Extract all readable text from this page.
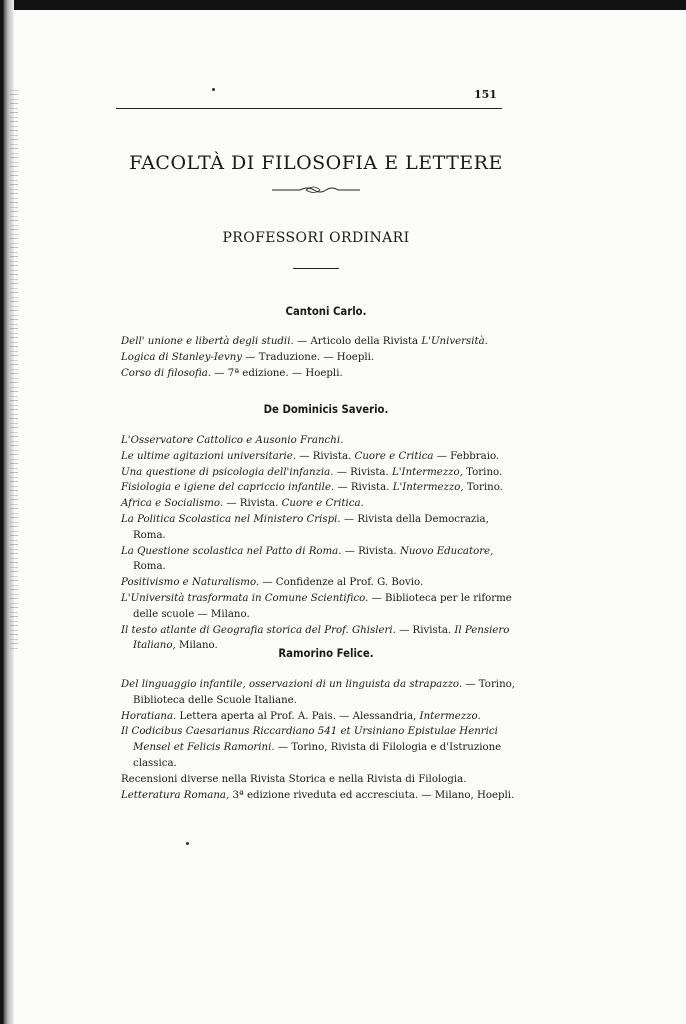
151
FACOLTÀ DI FILOSOFIA E LETTERE
PROFESSORI ORDINARI
Cantoni Carlo.
Dell' unione e libertà degli studii. — Articolo della Rivista L'Università.
Logica di Stanley-Ievny — Traduzione. — Hoepli.
Corso di filosofia. — 7ª edizione. — Hoepli.
De Dominicis Saverio.
L'Osservatore Cattolico e Ausonio Franchi.
Le ultime agitazioni universitarie. — Rivista. Cuore e Critica — Febbraio.
Una questione di psicologia dell'infanzia. — Rivista. L'Intermezzo, Torino.
Fisiologia e igiene del capriccio infantile. — Rivista. L'Intermezzo, Torino.
Africa e Socialismo. — Rivista. Cuore e Critica.
La Politica Scolastica nel Ministero Crispi. — Rivista della Democrazia, Roma.
La Questione scolastica nel Patto di Roma. — Rivista. Nuovo Educatore, Roma.
Positivismo e Naturalismo. — Confidenze al Prof. G. Bovio.
L'Università trasformata in Comune Scientifico. — Biblioteca per le riforme delle scuole — Milano.
Il testo atlante di Geografia storica del Prof. Ghisleri. — Rivista. Il Pensiero Italiano, Milano.
Ramorino Felice.
Del linguaggio infantile, osservazioni di un linguista da strapazzo. — Torino, Biblioteca delle Scuole Italiane.
Horatiana. Lettera aperta al Prof. A. Pais. — Alessandria, Intermezzo.
Il Codicibus Caesarianus Riccardiano 541 et Ursiniano Epistulae Henrici Mensel et Felicis Ramorini. — Torino, Rivista di Filologia e d'Istruzione classica.
Recensioni diverse nella Rivista Storica e nella Rivista di Filologia.
Letteratura Romana, 3ª edizione riveduta ed accresciuta. — Milano, Hoepli.
